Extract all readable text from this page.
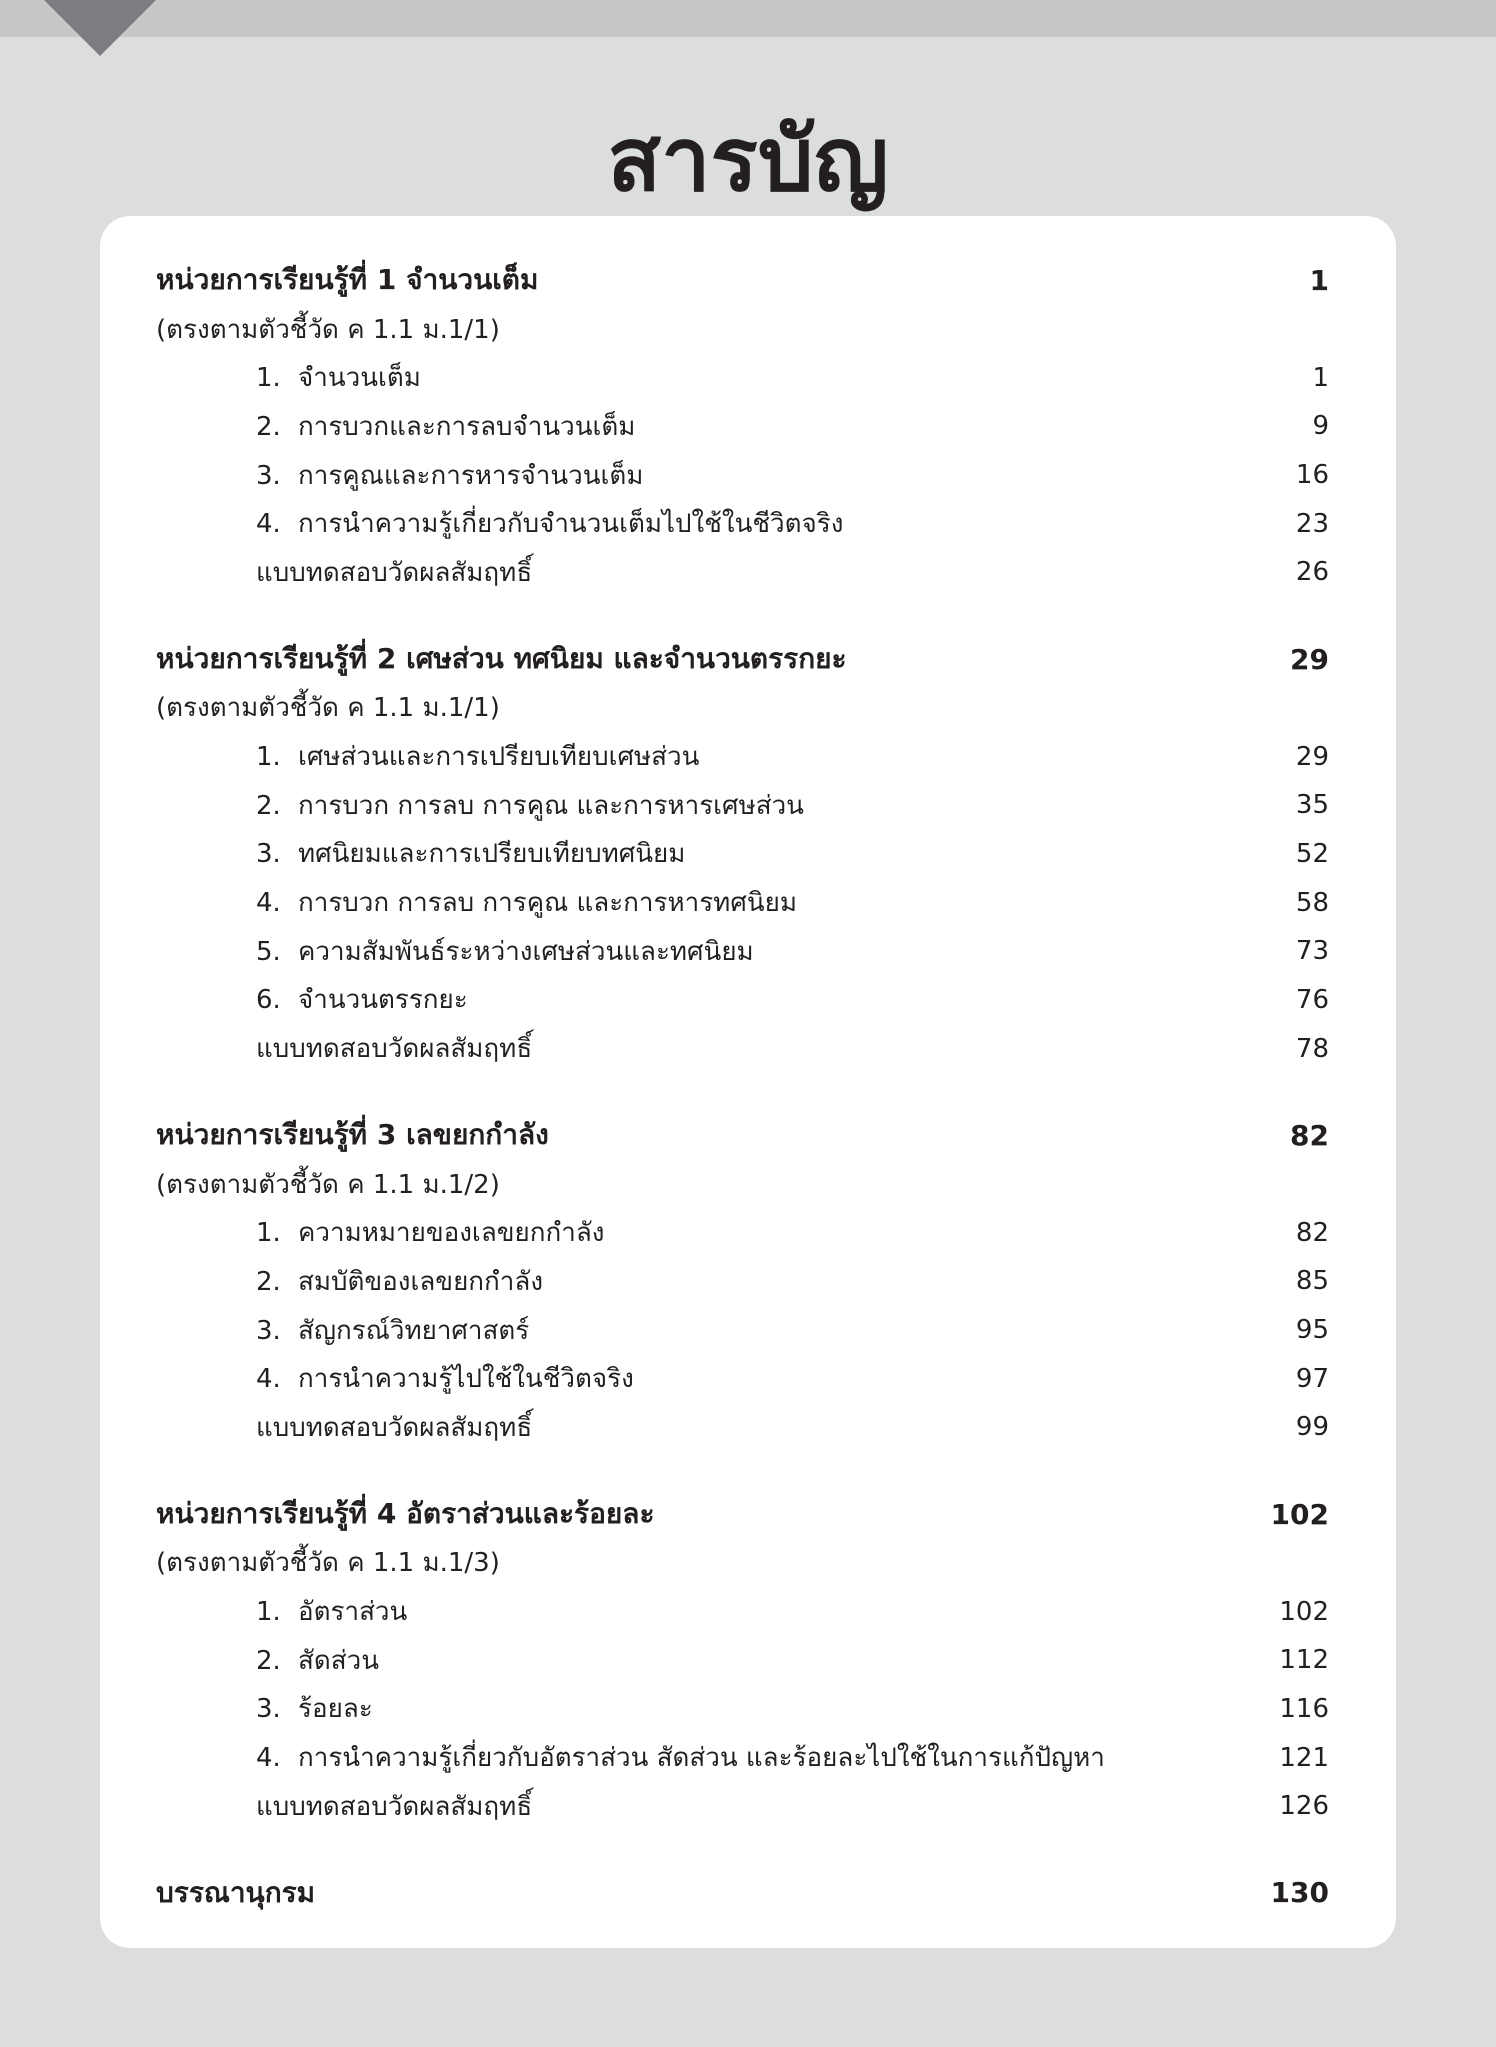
สารบัญ
หน่วยการเรียนรู้ที่ 1 จำนวนเต็ม	1
(ตรงตามตัวชี้วัด ค 1.1 ม.1/1)
1. จำนวนเต็ม	1
2. การบวกและการลบจำนวนเต็ม	9
3. การคูณและการหารจำนวนเต็ม	16
4. การนำความรู้เกี่ยวกับจำนวนเต็มไปใช้ในชีวิตจริง	23
แบบทดสอบวัดผลสัมฤทธิ์	26
หน่วยการเรียนรู้ที่ 2 เศษส่วน ทศนิยม และจำนวนตรรกยะ	29
(ตรงตามตัวชี้วัด ค 1.1 ม.1/1)
1. เศษส่วนและการเปรียบเทียบเศษส่วน	29
2. การบวก การลบ การคูณ และการหารเศษส่วน	35
3. ทศนิยมและการเปรียบเทียบทศนิยม	52
4. การบวก การลบ การคูณ และการหารทศนิยม	58
5. ความสัมพันธ์ระหว่างเศษส่วนและทศนิยม	73
6. จำนวนตรรกยะ	76
แบบทดสอบวัดผลสัมฤทธิ์	78
หน่วยการเรียนรู้ที่ 3 เลขยกกำลัง	82
(ตรงตามตัวชี้วัด ค 1.1 ม.1/2)
1. ความหมายของเลขยกกำลัง	82
2. สมบัติของเลขยกกำลัง	85
3. สัญกรณ์วิทยาศาสตร์	95
4. การนำความรู้ไปใช้ในชีวิตจริง	97
แบบทดสอบวัดผลสัมฤทธิ์	99
หน่วยการเรียนรู้ที่ 4 อัตราส่วนและร้อยละ	102
(ตรงตามตัวชี้วัด ค 1.1 ม.1/3)
1. อัตราส่วน	102
2. สัดส่วน	112
3. ร้อยละ	116
4. การนำความรู้เกี่ยวกับอัตราส่วน สัดส่วน และร้อยละไปใช้ในการแก้ปัญหา	121
แบบทดสอบวัดผลสัมฤทธิ์	126
บรรณานุกรม	130
